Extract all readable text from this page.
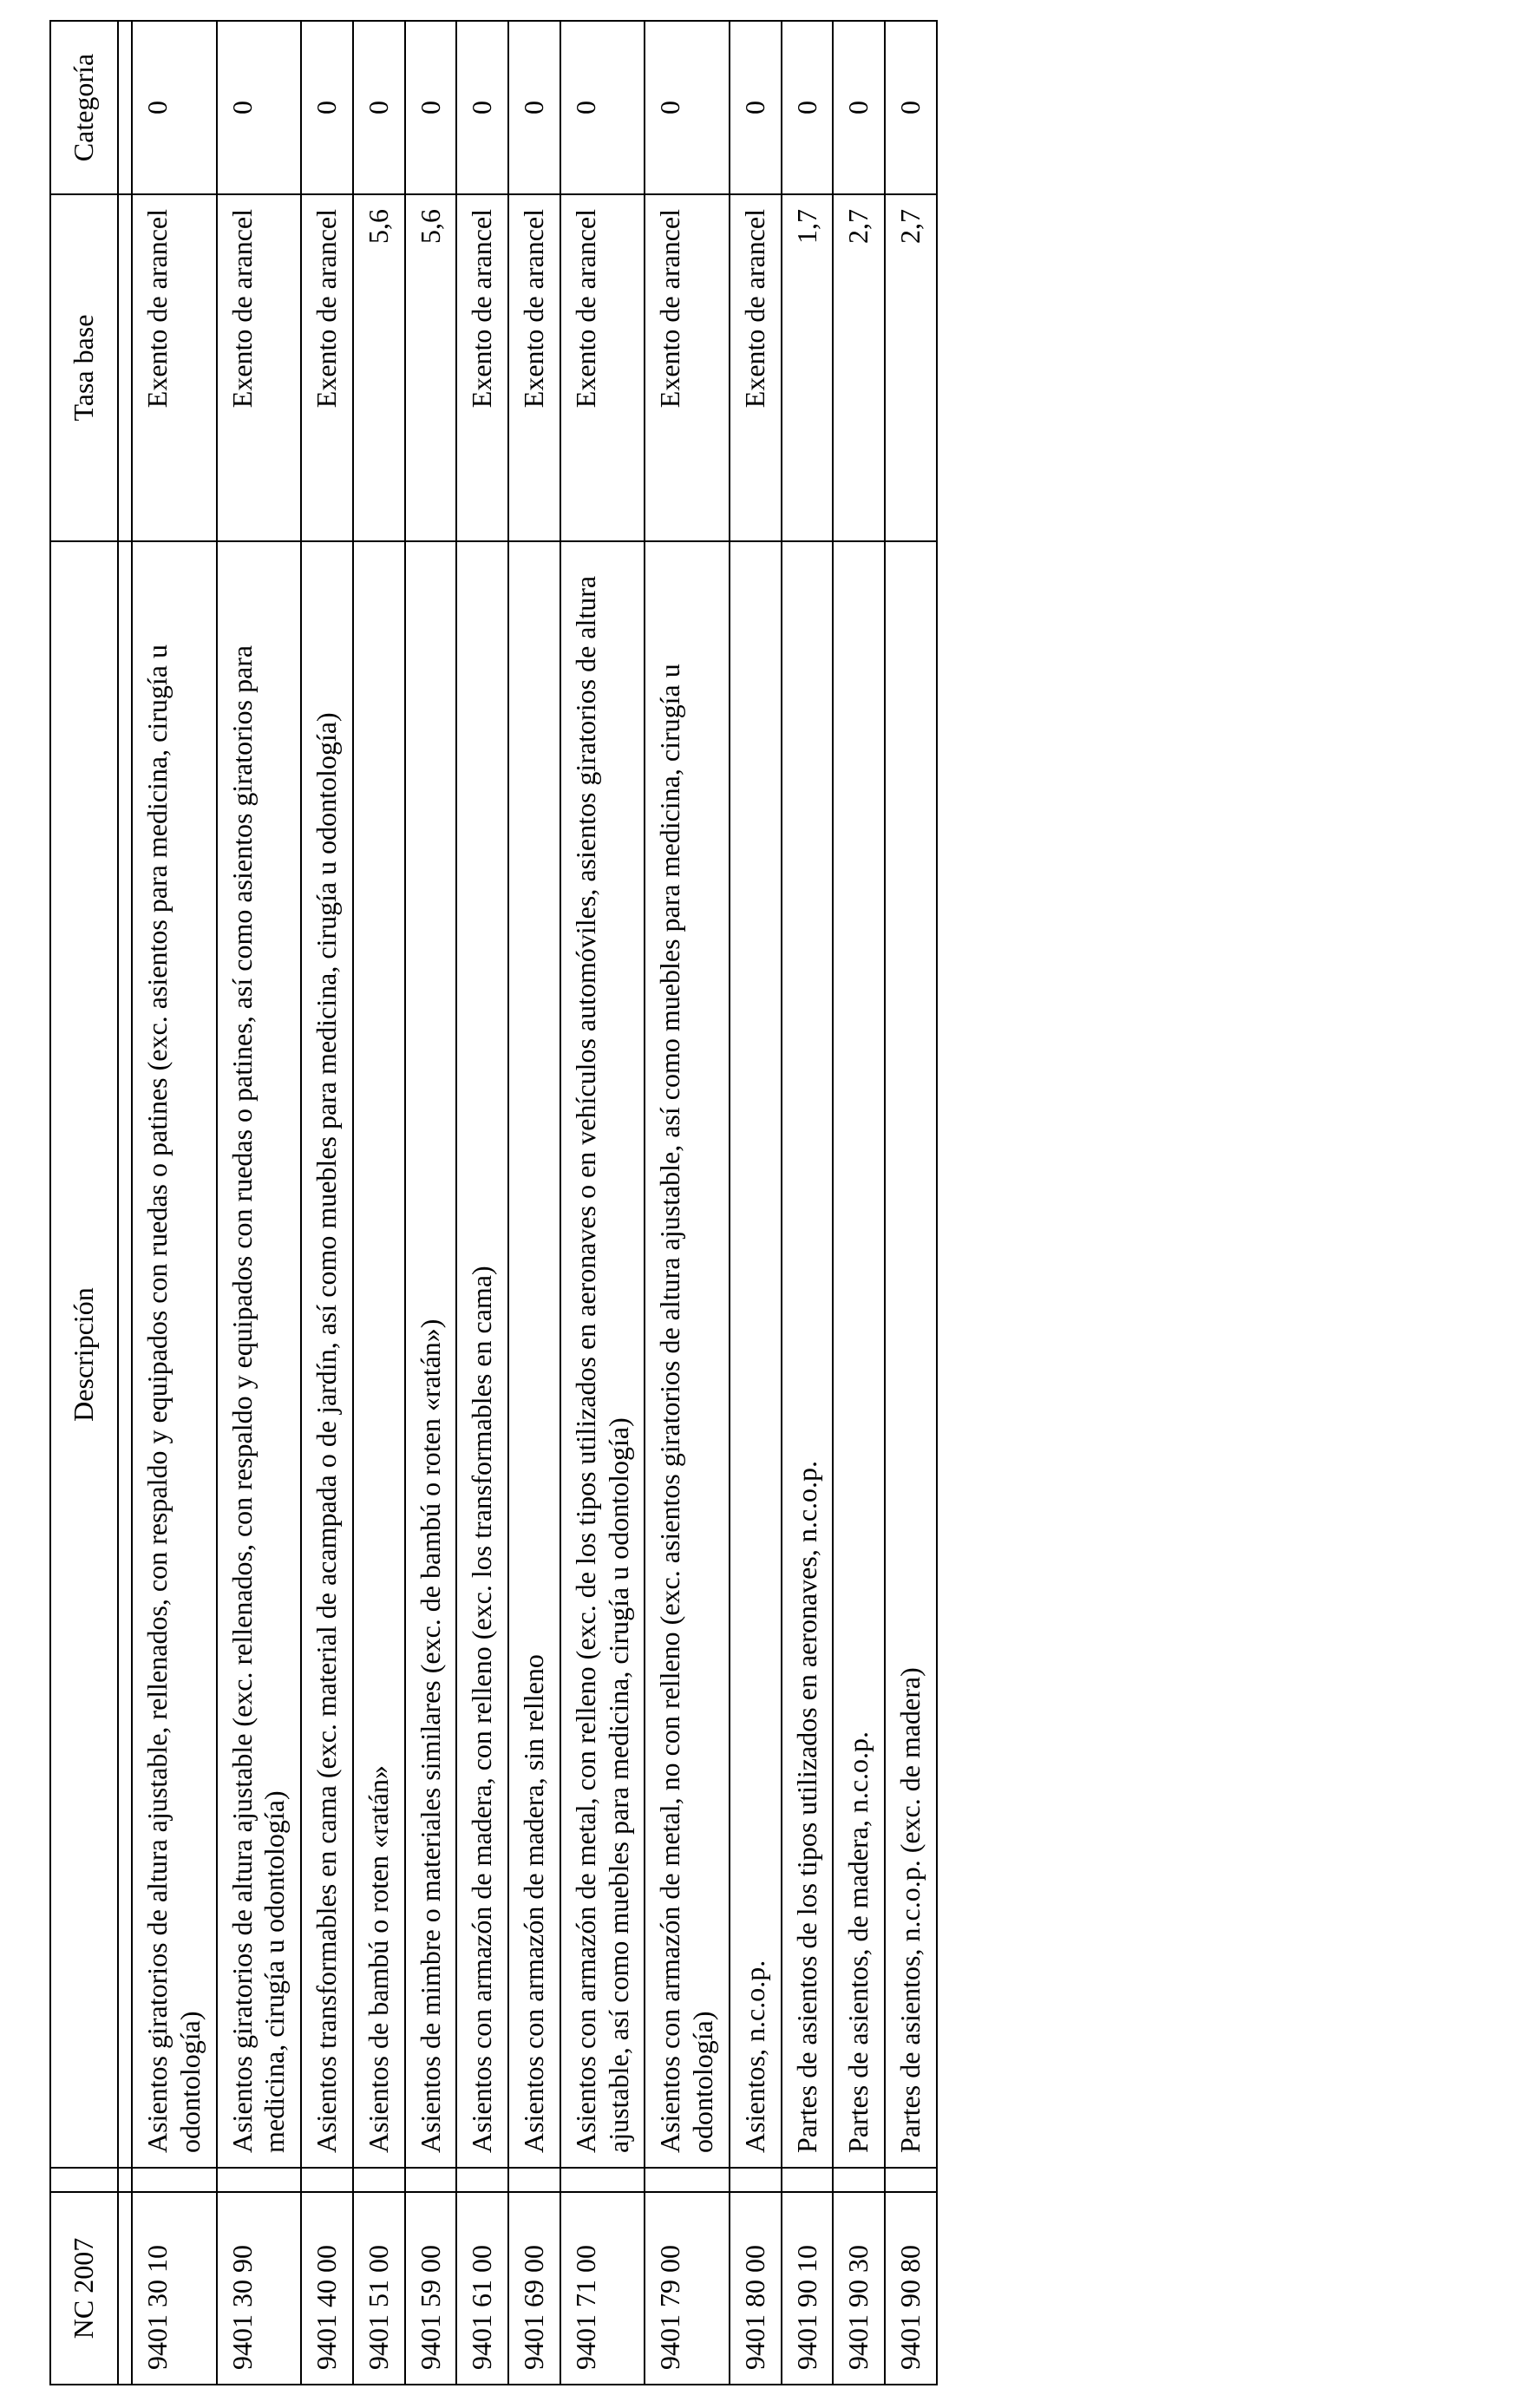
NC 2007		Descripción	Tasa base	Categoría

9401 30 10		Asientos giratorios de altura ajustable, rellenados, con respaldo y equipados con ruedas o patines (exc. asientos para medicina, cirugía u odontología)	Exento de arancel	0
9401 30 90		Asientos giratorios de altura ajustable (exc. rellenados, con respaldo y equipados con ruedas o patines, así como asientos giratorios para medicina, cirugía u odontología)	Exento de arancel	0
9401 40 00		Asientos transformables en cama (exc. material de acampada o de jardín, así como muebles para medicina, cirugía u odontología)	Exento de arancel	0
9401 51 00		Asientos de bambú o roten «ratán»	5,6	0
9401 59 00		Asientos de mimbre o materiales similares (exc. de bambú o roten «ratán»)	5,6	0
9401 61 00		Asientos con armazón de madera, con relleno (exc. los transformables en cama)	Exento de arancel	0
9401 69 00		Asientos con armazón de madera, sin relleno	Exento de arancel	0
9401 71 00		Asientos con armazón de metal, con relleno (exc. de los tipos utilizados en aeronaves o en vehículos automóviles, asientos giratorios de altura ajustable, así como muebles para medicina, cirugía u odontología)	Exento de arancel	0
9401 79 00		Asientos con armazón de metal, no con relleno (exc. asientos giratorios de altura ajustable, así como muebles para medicina, cirugía u odontología)	Exento de arancel	0
9401 80 00		Asientos, n.c.o.p.	Exento de arancel	0
9401 90 10		Partes de asientos de los tipos utilizados en aeronaves, n.c.o.p.	1,7	0
9401 90 30		Partes de asientos, de madera, n.c.o.p.	2,7	0
9401 90 80		Partes de asientos, n.c.o.p. (exc. de madera)	2,7	0
